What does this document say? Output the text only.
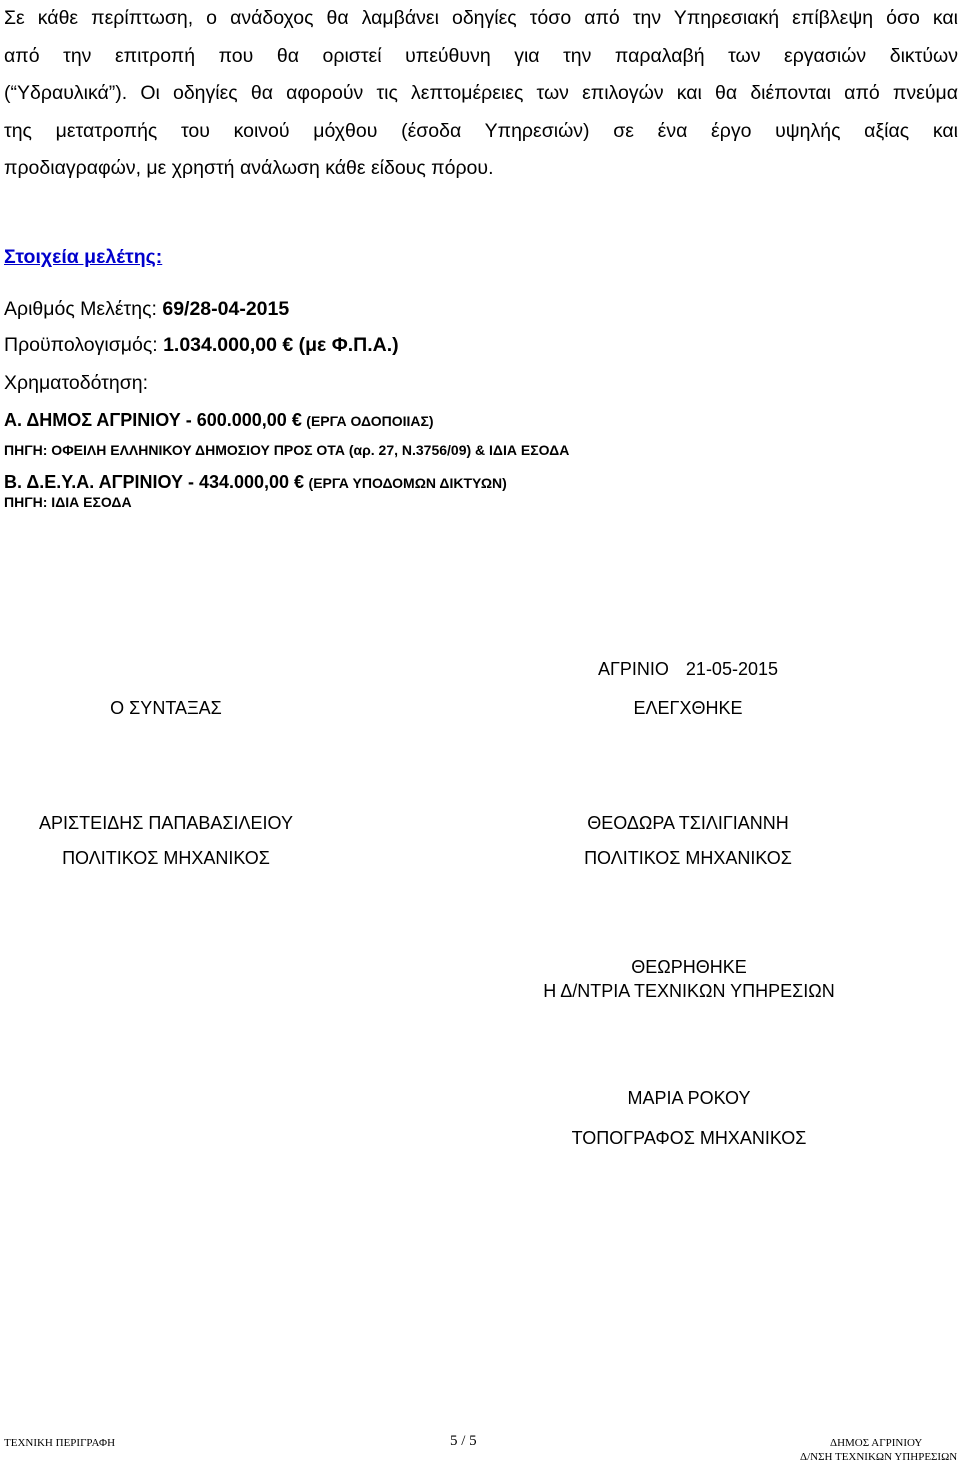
Σε κάθε περίπτωση, ο ανάδοχος θα λαμβάνει οδηγίες τόσο από την Υπηρεσιακή επίβλεψη όσο και
από την επιτροπή που θα οριστεί υπεύθυνη για την παραλαβή των εργασιών δικτύων
(“Υδραυλικά”). Οι οδηγίες θα αφορούν τις λεπτομέρειες των επιλογών και θα διέπονται από πνεύμα
της μετατροπής του κοινού μόχθου (έσοδα Υπηρεσιών) σε ένα έργο υψηλής αξίας και
προδιαγραφών, με χρηστή ανάλωση κάθε είδους πόρου.
Στοιχεία μελέτης:
Αριθμός Μελέτης: 69/28-04-2015
Προϋπολογισμός: 1.034.000,00 € (με Φ.Π.Α.)
Χρηματοδότηση:
Α. ΔΗΜΟΣ ΑΓΡΙΝΙΟΥ - 600.000,00 € (ΕΡΓΑ ΟΔΟΠΟΙΙΑΣ)
ΠΗΓΗ: ΟΦΕΙΛΗ ΕΛΛΗΝΙΚΟΥ ΔΗΜΟΣΙΟΥ ΠΡΟΣ ΟΤΑ (αρ. 27, Ν.3756/09) & ΙΔΙΑ ΕΣΟΔΑ
Β. Δ.Ε.Υ.Α. ΑΓΡΙΝΙΟΥ - 434.000,00 € (ΕΡΓΑ ΥΠΟΔΟΜΩΝ ΔΙΚΤΥΩΝ)
ΠΗΓΗ: ΙΔΙΑ ΕΣΟΔΑ
ΑΓΡΙΝΙΟ 21-05-2015
Ο ΣΥΝΤΑΞΑΣ	ΕΛΕΓΧΘΗΚΕ
ΑΡΙΣΤΕΙΔΗΣ ΠΑΠΑΒΑΣΙΛΕΙΟΥ
ΠΟΛΙΤΙΚΟΣ ΜΗΧΑΝΙΚΟΣ
ΘΕΟΔΩΡΑ ΤΣΙΛΙΓΙΑΝΝΗ
ΠΟΛΙΤΙΚΟΣ ΜΗΧΑΝΙΚΟΣ
ΘΕΩΡΗΘΗΚΕ
Η Δ/ΝΤΡΙΑ ΤΕΧΝΙΚΩΝ ΥΠΗΡΕΣΙΩΝ
ΜΑΡΙΑ ΡΟΚΟΥ
ΤΟΠΟΓΡΑΦΟΣ ΜΗΧΑΝΙΚΟΣ
ΤΕΧΝΙΚΗ ΠΕΡΙΓΡΑΦΗ	5 / 5	ΔΗΜΟΣ ΑΓΡΙΝΙΟΥ
Δ/ΝΣΗ ΤΕΧΝΙΚΩΝ ΥΠΗΡΕΣΙΩΝ
